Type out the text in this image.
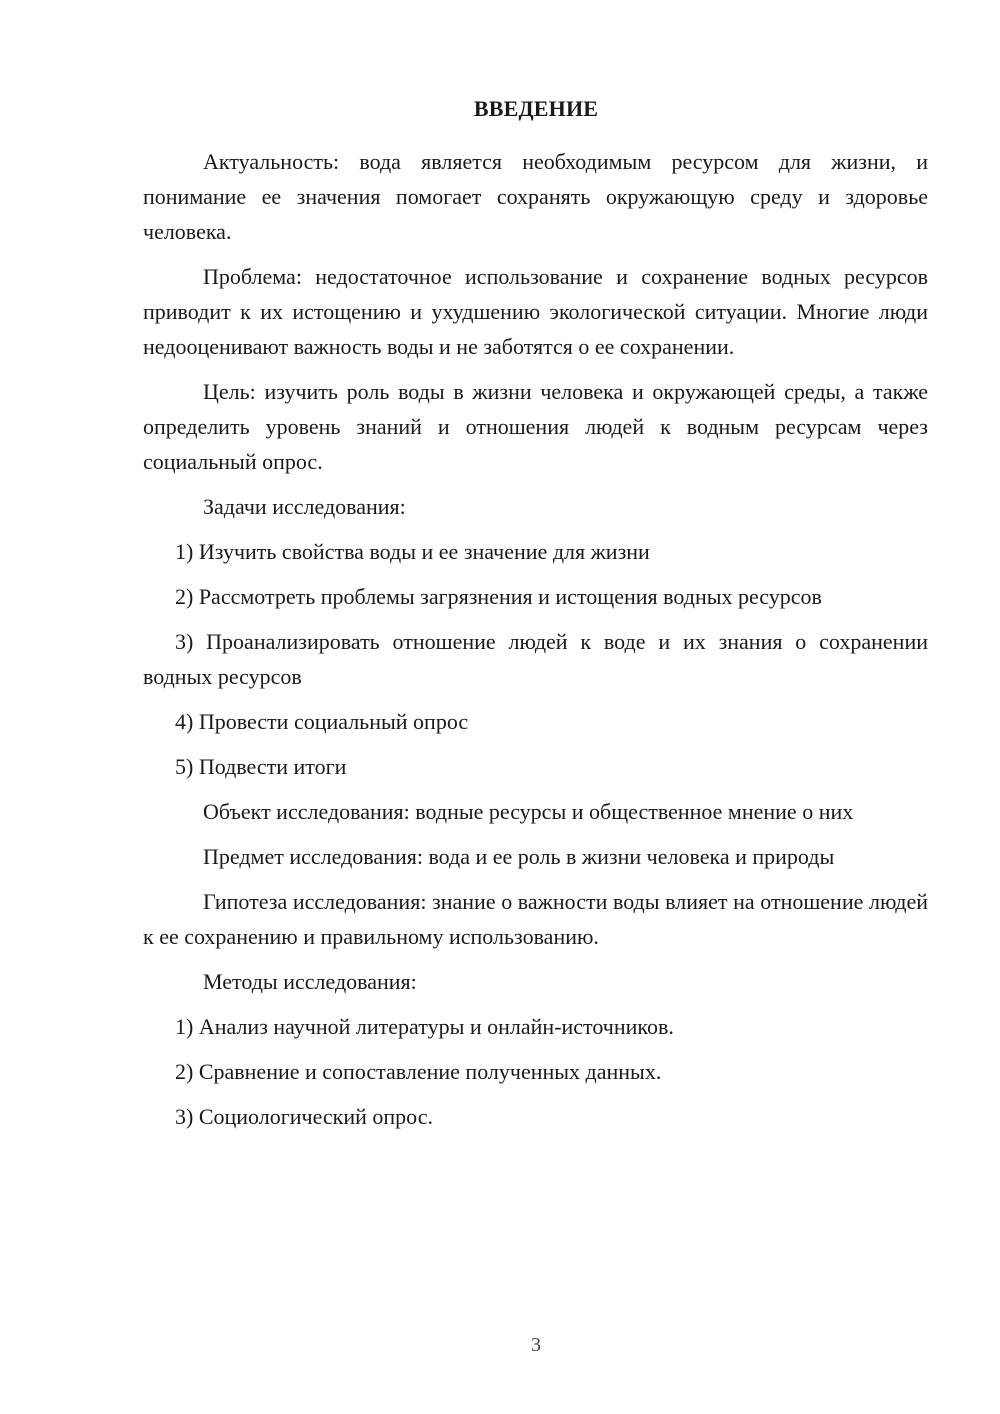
ВВЕДЕНИЕ

Актуальность: вода является необходимым ресурсом для жизни, и понимание ее значения помогает сохранять окружающую среду и здоровье человека.

Проблема: недостаточное использование и сохранение водных ресурсов приводит к их истощению и ухудшению экологической ситуации. Многие люди недооценивают важность воды и не заботятся о ее сохранении.

Цель: изучить роль воды в жизни человека и окружающей среды, а также определить уровень знаний и отношения людей к водным ресурсам через социальный опрос.

Задачи исследования:

1) Изучить свойства воды и ее значение для жизни

2) Рассмотреть проблемы загрязнения и истощения водных ресурсов

3) Проанализировать отношение людей к воде и их знания о сохранении водных ресурсов

4) Провести социальный опрос

5) Подвести итоги

Объект исследования: водные ресурсы и общественное мнение о них

Предмет исследования: вода и ее роль в жизни человека и природы

Гипотеза исследования: знание о важности воды влияет на отношение людей к ее сохранению и правильному использованию.

Методы исследования:

1) Анализ научной литературы и онлайн-источников.

2) Сравнение и сопоставление полученных данных.

3) Социологический опрос.

3
